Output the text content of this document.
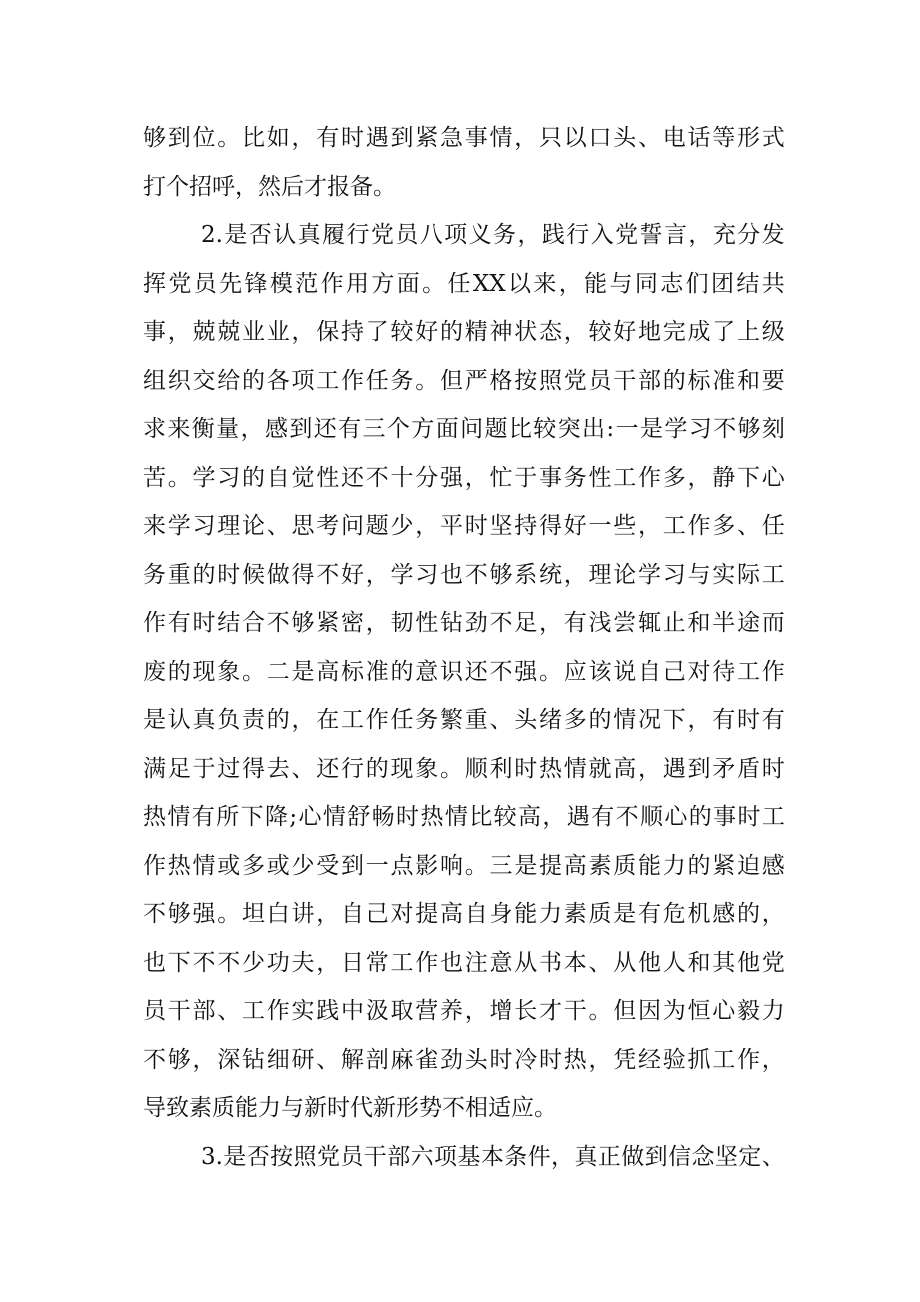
够 到 位 。 比 如 ， 有 时 遇 到 紧 急 事 情 ， 只 以 口 头 、 电 话 等 形 式
打个招呼，然后才报备。
2. 是 否 认 真 履 行 党 员 八 项 义 务 ， 践 行 入 党 誓 言 ， 充 分 发
挥 党 员 先 锋 模 范 作 用 方 面 。 任 XX 以 来 ， 能 与 同 志 们 团 结 共
事 ， 兢 兢 业 业 ， 保 持 了 较 好 的 精 神 状 态 ， 较 好 地 完 成 了 上 级
组 织 交 给 的 各 项 工 作 任 务 。 但 严 格 按 照 党 员 干 部 的 标 准 和 要
求 来 衡 量 ， 感 到 还 有 三 个 方 面 问 题 比 较 突 出 : 一 是 学 习 不 够 刻
苦 。 学 习 的 自 觉 性 还 不 十 分 强 ， 忙 于 事 务 性 工 作 多 ， 静 下 心
来 学 习 理 论 、 思 考 问 题 少 ， 平 时 坚 持 得 好 一 些 ， 工 作 多 、 任
务 重 的 时 候 做 得 不 好 ， 学 习 也 不 够 系 统 ， 理 论 学 习 与 实 际 工
作 有 时 结 合 不 够 紧 密 ， 韧 性 钻 劲 不 足 ， 有 浅 尝 辄 止 和 半 途 而
废 的 现 象 。 二 是 高 标 准 的 意 识 还 不 强 。 应 该 说 自 己 对 待 工 作
是 认 真 负 责 的 ， 在 工 作 任 务 繁 重 、 头 绪 多 的 情 况 下 ， 有 时 有
满 足 于 过 得 去 、 还 行 的 现 象 。 顺 利 时 热 情 就 高 ， 遇 到 矛 盾 时
热 情 有 所 下 降 ; 心 情 舒 畅 时 热 情 比 较 高 ， 遇 有 不 顺 心 的 事 时 工
作 热 情 或 多 或 少 受 到 一 点 影 响 。 三 是 提 高 素 质 能 力 的 紧 迫 感
不 够 强 。 坦 白 讲 ， 自 己 对 提 高 自 身 能 力 素 质 是 有 危 机 感 的 ，
也 下 不 不 少 功 夫 ， 日 常 工 作 也 注 意 从 书 本 、 从 他 人 和 其 他 党
员 干 部 、 工 作 实 践 中 汲 取 营 养 ， 增 长 才 干 。 但 因 为 恒 心 毅 力
不 够 ， 深 钻 细 研 、 解 剖 麻 雀 劲 头 时 冷 时 热 ， 凭 经 验 抓 工 作 ，
导致素质能力与新时代新形势不相适应。
3. 是 否 按 照 党 员 干 部 六 项 基 本 条 件 ， 真 正 做 到 信 念 坚 定 、
